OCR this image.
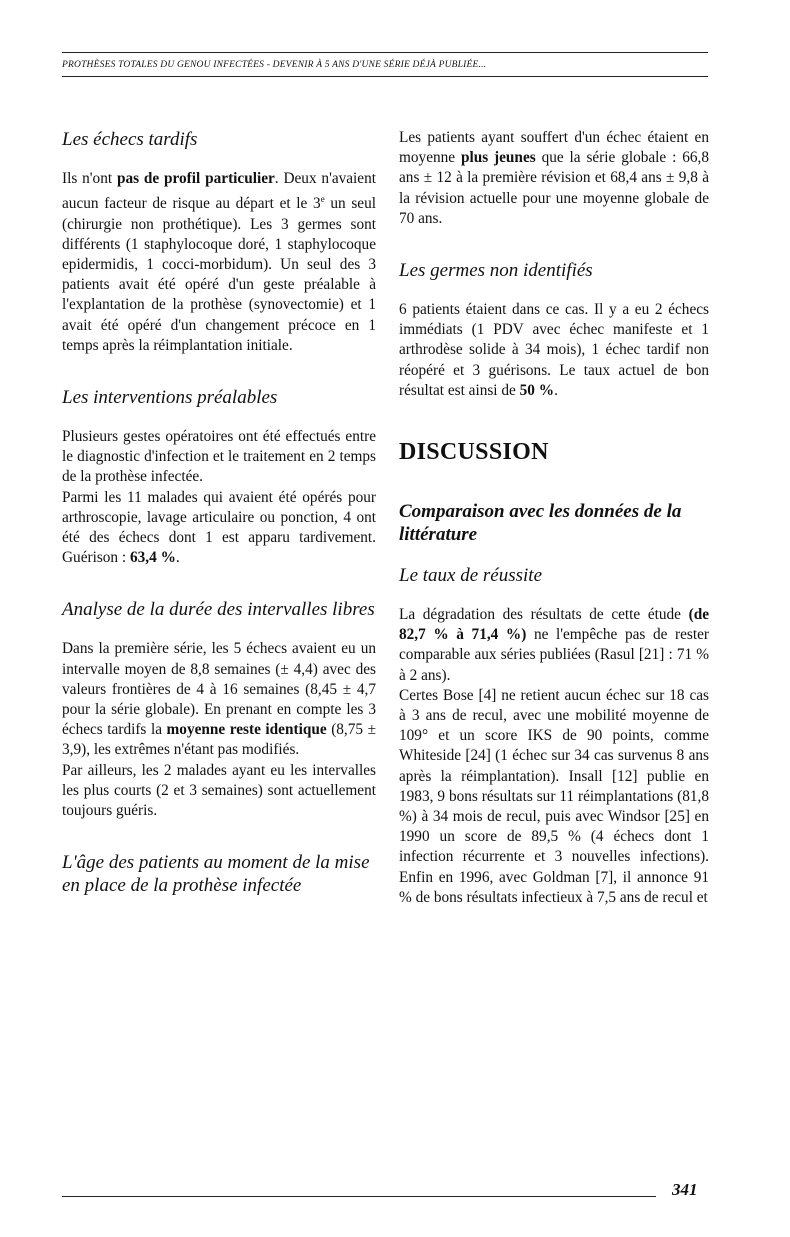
PROTHÈSES TOTALES DU GENOU INFECTÉES - DEVENIR À 5 ANS D'UNE SÉRIE DÉJÀ PUBLIÉE...
Les échecs tardifs

Ils n'ont pas de profil particulier. Deux n'avaient aucun facteur de risque au départ et le 3e un seul (chirurgie non prothétique). Les 3 germes sont différents (1 staphylocoque doré, 1 staphylocoque epidermidis, 1 cocci-morbidum). Un seul des 3 patients avait été opéré d'un geste préalable à l'explantation de la prothèse (synovectomie) et 1 avait été opéré d'un changement précoce en 1 temps après la réimplantation initiale.

Les interventions préalables

Plusieurs gestes opératoires ont été effectués entre le diagnostic d'infection et le traitement en 2 temps de la prothèse infectée.

Parmi les 11 malades qui avaient été opérés pour arthroscopie, lavage articulaire ou ponction, 4 ont été des échecs dont 1 est apparu tardivement. Guérison : 63,4 %.

Analyse de la durée des intervalles libres

Dans la première série, les 5 échecs avaient eu un intervalle moyen de 8,8 semaines (± 4,4) avec des valeurs frontières de 4 à 16 semaines (8,45 ± 4,7 pour la série globale). En prenant en compte les 3 échecs tardifs la moyenne reste identique (8,75 ± 3,9), les extrêmes n'étant pas modifiés.

Par ailleurs, les 2 malades ayant eu les intervalles les plus courts (2 et 3 semaines) sont actuellement toujours guéris.

L'âge des patients au moment de la mise en place de la prothèse infectée

Les patients ayant souffert d'un échec étaient en moyenne plus jeunes que la série globale : 66,8 ans ± 12 à la première révision et 68,4 ans ± 9,8 à la révision actuelle pour une moyenne globale de 70 ans.

Les germes non identifiés

6 patients étaient dans ce cas. Il y a eu 2 échecs immédiats (1 PDV avec échec manifeste et 1 arthrodèse solide à 34 mois), 1 échec tardif non réopéré et 3 guérisons. Le taux actuel de bon résultat est ainsi de 50 %.

DISCUSSION
Comparaison avec les données de la littérature
Le taux de réussite

La dégradation des résultats de cette étude (de 82,7 % à 71,4 %) ne l'empêche pas de rester comparable aux séries publiées (Rasul [21] : 71 % à 2 ans).

Certes Bose [4] ne retient aucun échec sur 18 cas à 3 ans de recul, avec une mobilité moyenne de 109° et un score IKS de 90 points, comme Whiteside [24] (1 échec sur 34 cas survenus 8 ans après la réimplantation). Insall [12] publie en 1983, 9 bons résultats sur 11 réimplantations (81,8 %) à 34 mois de recul, puis avec Windsor [25] en 1990 un score de 89,5 % (4 échecs dont 1 infection récurrente et 3 nouvelles infections). Enfin en 1996, avec Goldman [7], il annonce 91 % de bons résultats infectieux à 7,5 ans de recul et

341
